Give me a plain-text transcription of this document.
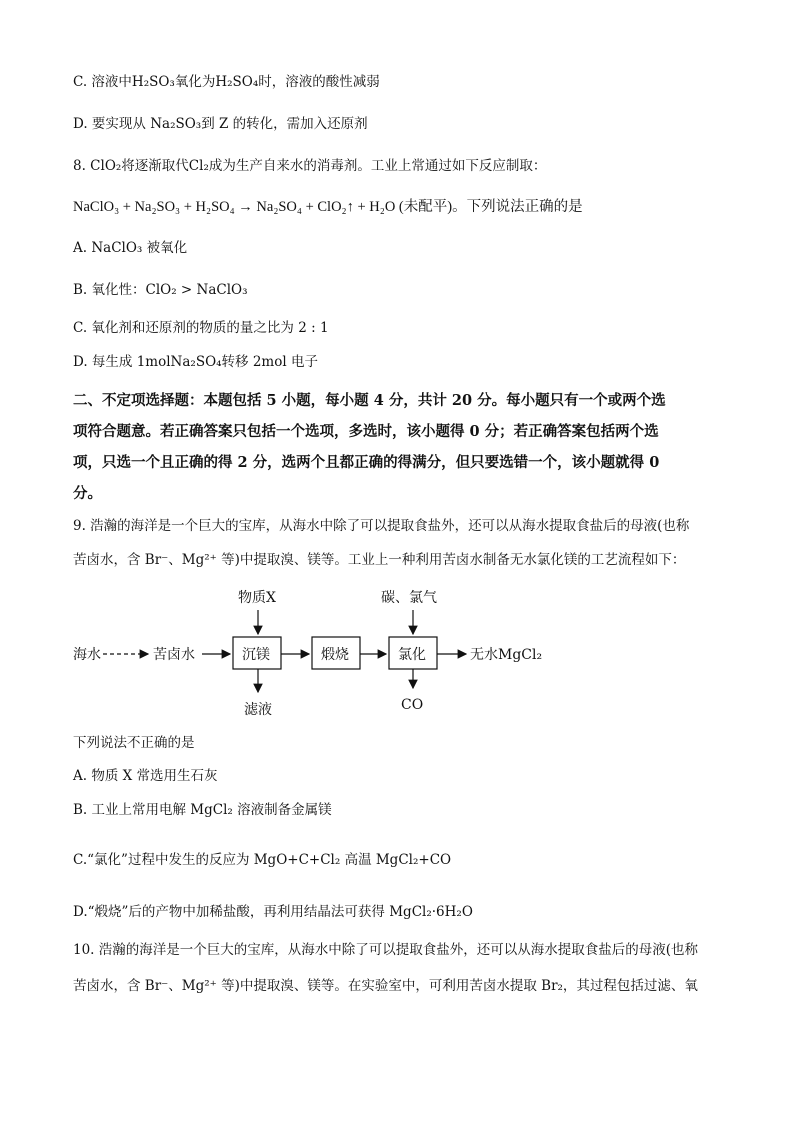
C. 溶液中H₂SO₃氧化为H₂SO₄时，溶液的酸性减弱
D. 要实现从 Na₂SO₃到 Z 的转化，需加入还原剂
8. ClO₂将逐渐取代Cl₂成为生产自来水的消毒剂。工业上常通过如下反应制取：
NaClO₃ + Na₂SO₃ + H₂SO₄ → Na₂SO₄ + ClO₂↑ + H₂O (未配平)。下列说法正确的是
A. NaClO₃ 被氧化
B. 氧化性：ClO₂ > NaClO₃
C. 氧化剂和还原剂的物质的量之比为 2 : 1
D. 每生成 1molNa₂SO₄转移 2mol 电子
二、不定项选择题：本题包括 5 小题，每小题 4 分，共计 20 分。每小题只有一个或两个选
项符合题意。若正确答案只包括一个选项，多选时，该小题得 0 分；若正确答案包括两个选
项，只选一个且正确的得 2 分，选两个且都正确的得满分，但只要选错一个，该小题就得 0
分。
9. 浩瀚的海洋是一个巨大的宝库，从海水中除了可以提取食盐外，还可以从海水提取食盐后的母液(也称
苦卤水，含 Br⁻、Mg²⁺ 等)中提取溴、镁等。工业上一种利用苦卤水制备无水氯化镁的工艺流程如下：
物质X	碳、氯气
海水	苦卤水	沉镁	煅烧	氯化	无水MgCl₂
滤液	CO
下列说法不正确的是
A. 物质 X 常选用生石灰
B. 工业上常用电解 MgCl₂ 溶液制备金属镁
C.“氯化”过程中发生的反应为 MgO+C+Cl₂ 高温 MgCl₂+CO
D.“煅烧”后的产物中加稀盐酸，再利用结晶法可获得 MgCl₂·6H₂O
10. 浩瀚的海洋是一个巨大的宝库，从海水中除了可以提取食盐外，还可以从海水提取食盐后的母液(也称
苦卤水，含 Br⁻、Mg²⁺ 等)中提取溴、镁等。在实验室中，可利用苦卤水提取 Br₂，其过程包括过滤、氧
